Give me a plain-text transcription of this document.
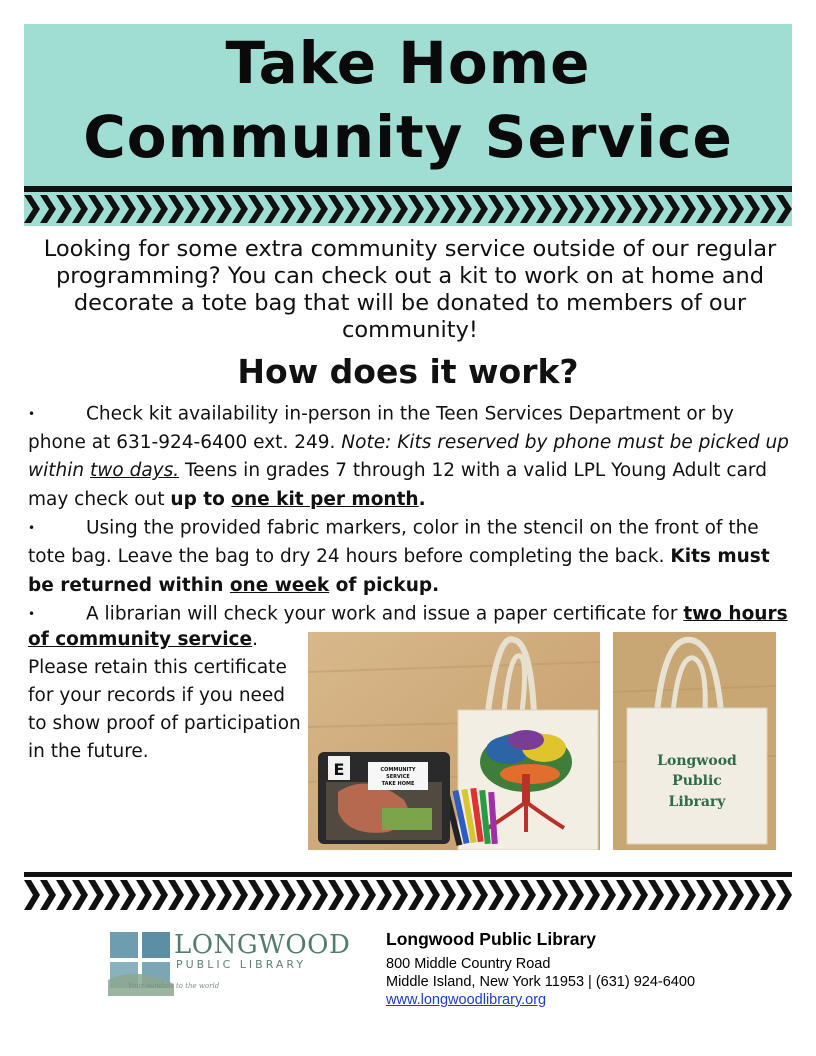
Take Home
Community Service
Looking for some extra community service outside of our regular programming? You can check out a kit to work on at home and decorate a tote bag that will be donated to members of our community!
How does it work?

•	Check kit availability in-person in the Teen Services Department or by phone at 631-924-6400 ext. 249. Note: Kits reserved by phone must be picked up within two days. Teens in grades 7 through 12 with a valid LPL Young Adult card may check out up to one kit per month.

•	Using the provided fabric markers, color in the stencil on the front of the tote bag. Leave the bag to dry 24 hours before completing the back. Kits must be returned within one week of pickup.

•	A librarian will check your work and issue a paper certificate for two hours

of community service.
Please retain this certificate for your records if you need to show proof of participation in the future.
E	COMMUNITY
SERVICE
TAKE HOME
Longwood
Public
Library
LONGWOOD
PUBLIC LIBRARY
Your window to the world
Longwood Public Library
800 Middle Country Road
Middle Island, New York 11953 | (631) 924-6400
www.longwoodlibrary.org
